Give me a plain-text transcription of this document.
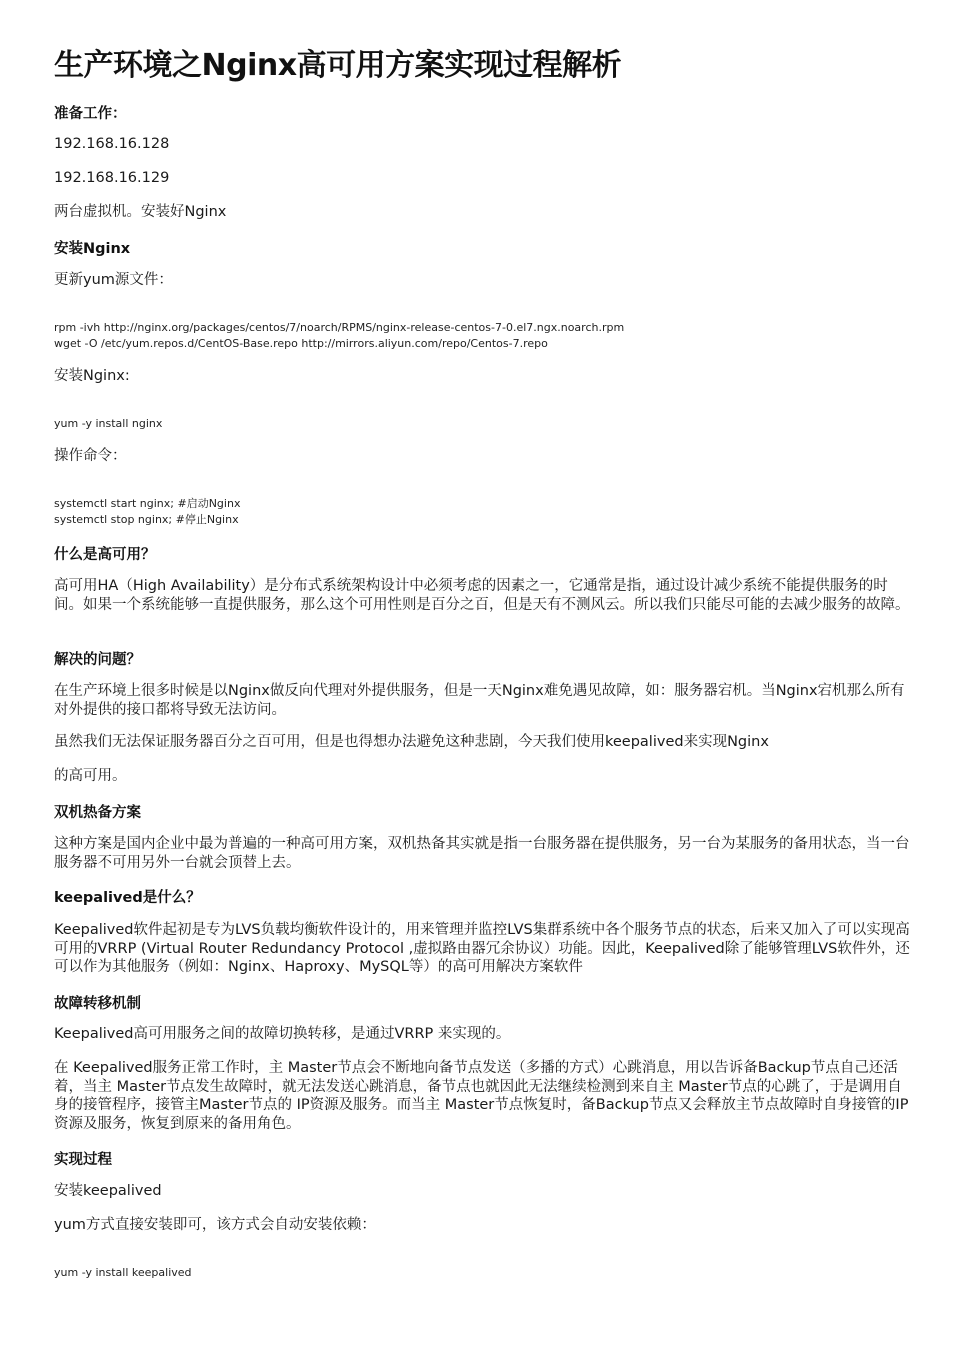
生产环境之Nginx高可用方案实现过程解析
准备工作：
192.168.16.128
192.168.16.129
两台虚拟机。安装好Nginx
安装Nginx
更新yum源文件：
rpm -ivh http://nginx.org/packages/centos/7/noarch/RPMS/nginx-release-centos-7-0.el7.ngx.noarch.rpm
wget -O /etc/yum.repos.d/CentOS-Base.repo http://mirrors.aliyun.com/repo/Centos-7.repo
安装Nginx:
yum -y install nginx
操作命令：
systemctl start nginx; #启动Nginx
systemctl stop nginx; #停止Nginx
什么是高可用？
高可用HA（High Availability）是分布式系统架构设计中必须考虑的因素之一，它通常是指，通过设计减少系统不能提供服务的时间。如果一个系统能够一直提供服务，那么这个可用性则是百分之百，但是天有不测风云。所以我们只能尽可能的去减少服务的故障。
解决的问题？
在生产环境上很多时候是以Nginx做反向代理对外提供服务，但是一天Nginx难免遇见故障，如：服务器宕机。当Nginx宕机那么所有对外提供的接口都将导致无法访问。
虽然我们无法保证服务器百分之百可用，但是也得想办法避免这种悲剧，今天我们使用keepalived来实现Nginx
的高可用。
双机热备方案
这种方案是国内企业中最为普遍的一种高可用方案，双机热备其实就是指一台服务器在提供服务，另一台为某服务的备用状态，当一台服务器不可用另外一台就会顶替上去。
keepalived是什么？
Keepalived软件起初是专为LVS负载均衡软件设计的，用来管理并监控LVS集群系统中各个服务节点的状态，后来又加入了可以实现高可用的VRRP (Virtual Router Redundancy Protocol ,虚拟路由器冗余协议）功能。因此，Keepalived除了能够管理LVS软件外，还可以作为其他服务（例如：Nginx、Haproxy、MySQL等）的高可用解决方案软件
故障转移机制
Keepalived高可用服务之间的故障切换转移，是通过VRRP 来实现的。
在 Keepalived服务正常工作时，主 Master节点会不断地向备节点发送（多播的方式）心跳消息，用以告诉备Backup节点自己还活着，当主 Master节点发生故障时，就无法发送心跳消息，备节点也就因此无法继续检测到来自主 Master节点的心跳了，于是调用自身的接管程序，接管主Master节点的 IP资源及服务。而当主 Master节点恢复时，备Backup节点又会释放主节点故障时自身接管的IP资源及服务，恢复到原来的备用角色。
实现过程
安装keepalived
yum方式直接安装即可，该方式会自动安装依赖：
yum -y install keepalived
